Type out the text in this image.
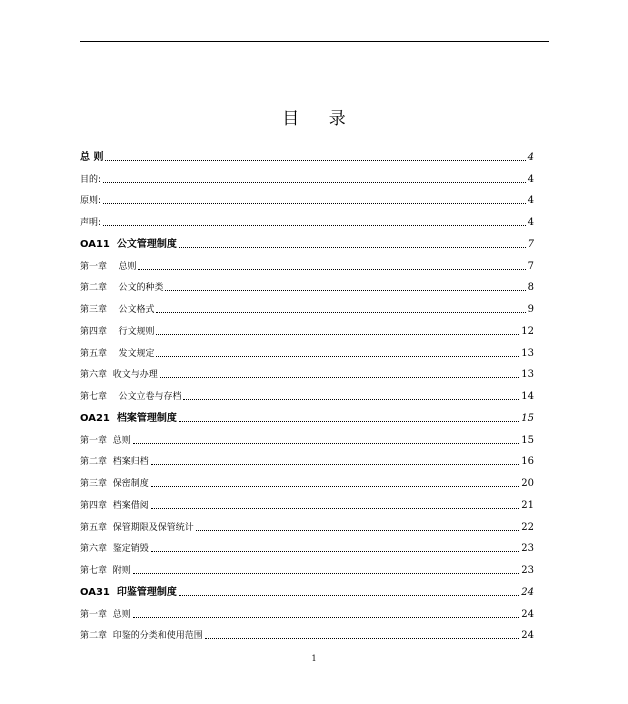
目 录
总 则	4
目的:	4
原则:	4
声明:	4
OA11  公文管理制度	7
第一章    总则	7
第二章    公文的种类	8
第三章    公文格式	9
第四章    行文规则	12
第五章    发文规定	13
第六章  收文与办理	13
第七章    公文立卷与存档	14
OA21  档案管理制度	15
第一章  总则	15
第二章  档案归档	16
第三章  保密制度	20
第四章  档案借阅	21
第五章  保管期限及保管统计	22
第六章  鉴定销毁	23
第七章  附则	23
OA31  印鉴管理制度	24
第一章  总则	24
第二章  印鉴的分类和使用范围	24
1
